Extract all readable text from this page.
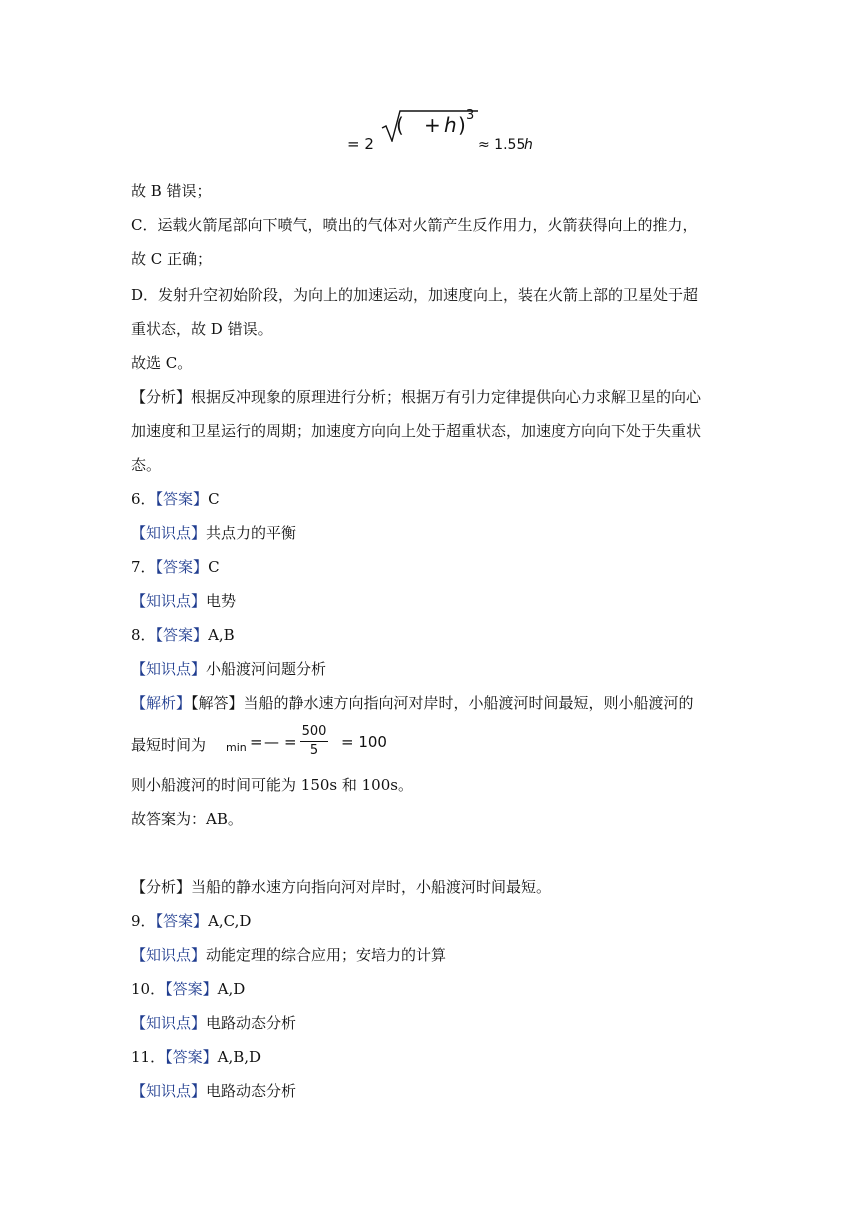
= 2
( + h ) 3
≈ 1.55
h
故 B 错误；
C．运载火箭尾部向下喷气，喷出的气体对火箭产生反作用力，火箭获得向上的推力，
故 C 正确；
D．发射升空初始阶段，为向上的加速运动，加速度向上，装在火箭上部的卫星处于超
重状态，故 D 错误。
故选 C。
【分析】根据反冲现象的原理进行分析；根据万有引力定律提供向心力求解卫星的向心
加速度和卫星运行的周期；加速度方向向上处于超重状态，加速度方向向下处于失重状
态。
6．【答案】C
【知识点】共点力的平衡
7．【答案】C
【知识点】电势
8．【答案】A,B
【知识点】小船渡河问题分析
【解析】【解答】当船的静水速方向指向河对岸时，小船渡河时间最短，则小船渡河的
最短时间为 min = — =
500
5	= 100
则小船渡河的时间可能为 150s 和 100s。
故答案为：AB。
【分析】当船的静水速方向指向河对岸时，小船渡河时间最短。
9．【答案】A,C,D
【知识点】动能定理的综合应用；安培力的计算
10．【答案】A,D
【知识点】电路动态分析
11．【答案】A,B,D
【知识点】电路动态分析
